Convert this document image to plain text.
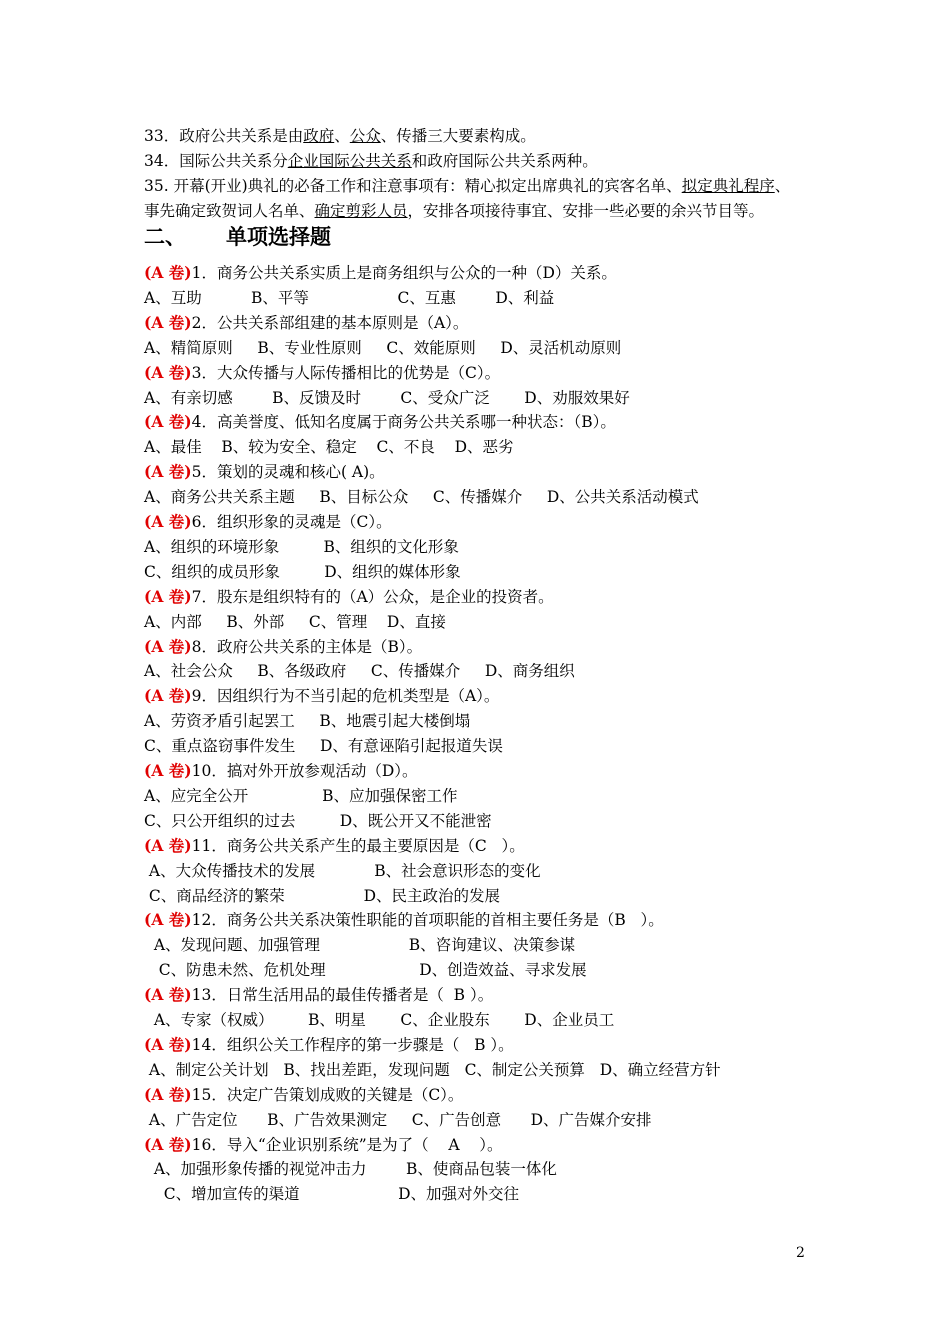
33．政府公共关系是由政府、公众、传播三大要素构成。
34．国际公共关系分企业国际公共关系和政府国际公共关系两种。
35. 开幕(开业)典礼的必备工作和注意事项有：精心拟定出席典礼的宾客名单、拟定典礼程序、
事先确定致贺词人名单、确定剪彩人员，安排各项接待事宜、安排一些必要的余兴节目等。
二、 单项选择题
(A 卷)1．商务公共关系实质上是商务组织与公众的一种（D）关系。
A、互助          B、平等                  C、互惠        D、利益
(A 卷)2．公共关系部组建的基本原则是（A）。
A、精简原则     B、专业性原则     C、效能原则     D、灵活机动原则
(A 卷)3．大众传播与人际传播相比的优势是（C）。
A、有亲切感        B、反馈及时        C、受众广泛       D、劝服效果好
(A 卷)4．高美誉度、低知名度属于商务公共关系哪一种状态：（B）。
A、最佳    B、较为安全、稳定    C、不良    D、恶劣
(A 卷)5．策划的灵魂和核心( A)。
A、商务公共关系主题     B、目标公众     C、传播媒介     D、公共关系活动模式
(A 卷)6．组织形象的灵魂是（C）。
A、组织的环境形象         B、组织的文化形象
C、组织的成员形象         D、组织的媒体形象
(A 卷)7．股东是组织特有的（A）公众，是企业的投资者。
A、内部     B、外部     C、管理    D、直接
(A 卷)8．政府公共关系的主体是（B）。
A、社会公众     B、各级政府     C、传播媒介     D、商务组织
(A 卷)9．因组织行为不当引起的危机类型是（A）。
A、劳资矛盾引起罢工     B、地震引起大楼倒塌
C、重点盗窃事件发生     D、有意诬陷引起报道失误
(A 卷)10．搞对外开放参观活动（D）。
A、应完全公开               B、应加强保密工作
C、只公开组织的过去         D、既公开又不能泄密
(A 卷)11．商务公共关系产生的最主要原因是（C   ）。
A、大众传播技术的发展            B、社会意识形态的变化
C、商品经济的繁荣                D、民主政治的发展
(A 卷)12．商务公共关系决策性职能的首项职能的首相主要任务是（B   ）。
A、发现问题、加强管理                  B、咨询建议、决策参谋
C、防患未然、危机处理                   D、创造效益、寻求发展
(A 卷)13．日常生活用品的最佳传播者是（  B ）。
A、专家（权威）       B、明星       C、企业股东       D、企业员工
(A 卷)14．组织公关工作程序的第一步骤是（   B ）。
A、制定公关计划   B、找出差距，发现问题   C、制定公关预算   D、确立经营方针
(A 卷)15．决定广告策划成败的关键是（C）。
A、广告定位      B、广告效果测定     C、广告创意      D、广告媒介安排
(A 卷)16．导入“企业识别系统”是为了（    A    ）。
A、加强形象传播的视觉冲击力        B、使商品包装一体化
C、增加宣传的渠道                    D、加强对外交往
2
